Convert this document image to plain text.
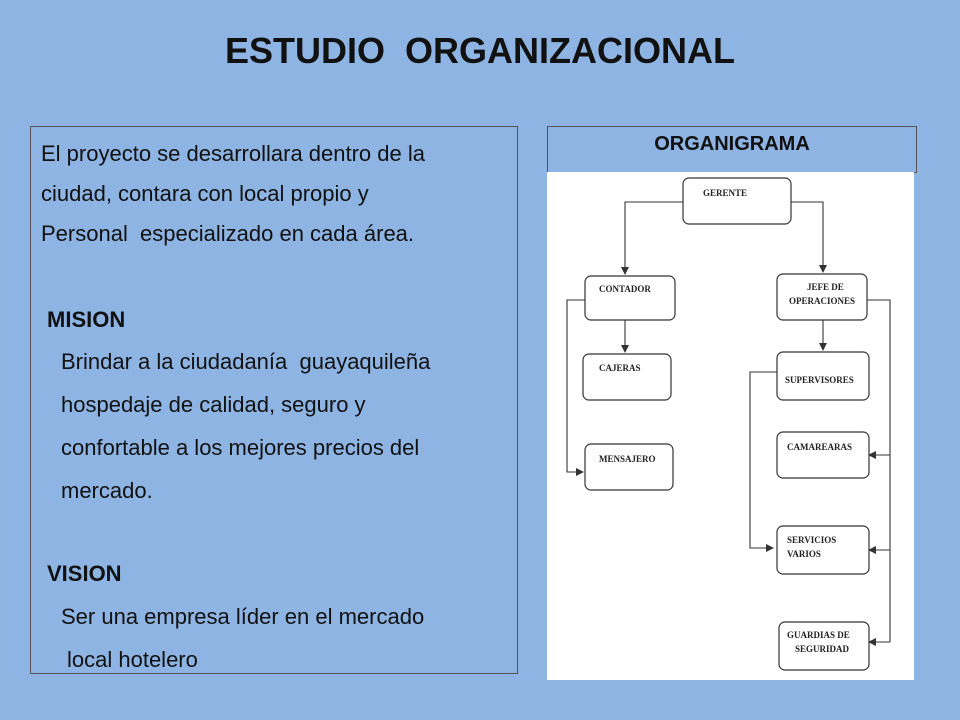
ESTUDIO  ORGANIZACIONAL
El proyecto se desarrollara dentro de la
ciudad, contara con local propio y
Personal  especializado en cada área.
MISION
Brindar a la ciudadanía  guayaquileña
hospedaje de calidad, seguro y
confortable a los mejores precios del
mercado.
VISION
Ser una empresa líder en el mercado
local hotelero
ORGANIGRAMA
GERENTE
CONTADOR	JEFE DE
OPERACIONES
CAJERAS
SUPERVISORES
MENSAJERO
CAMAREARAS
SERVICIOS
VARIOS
GUARDIAS DE
SEGURIDAD
